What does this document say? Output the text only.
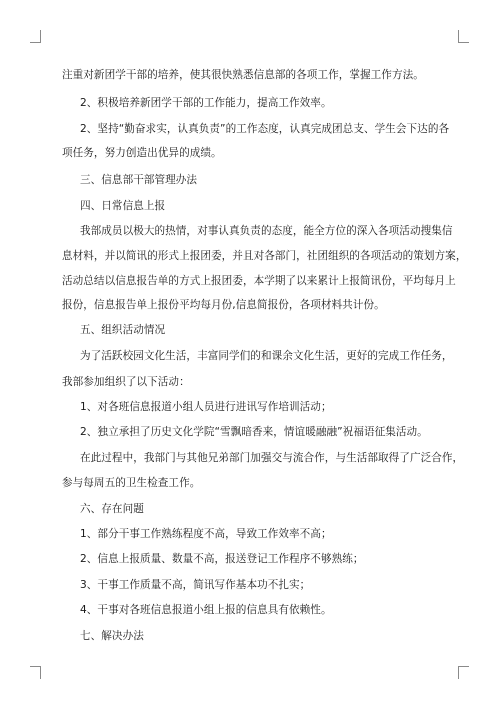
注重对新团学干部的培养，使其很快熟悉信息部的各项工作，掌握工作方法。
2、积极培养新团学干部的工作能力，提高工作效率。
2、坚持“勤奋求实，认真负责”的工作态度，认真完成团总支、学生会下达的各
项任务，努力创造出优异的成绩。
三、信息部干部管理办法
四、日常信息上报
我部成员以极大的热情，对事认真负责的态度，能全方位的深入各项活动搜集信
息材料，并以简讯的形式上报团委，并且对各部门，社团组织的各项活动的策划方案，
活动总结以信息报告单的方式上报团委，本学期了以来累计上报简讯份，平均每月上
报份，信息报告单上报份平均每月份,信息简报份，各项材料共计份。
五、组织活动情况
为了活跃校园文化生活，丰富同学们的和课余文化生活，更好的完成工作任务，
我部参加组织了以下活动：
1、对各班信息报道小组人员进行进讯写作培训活动；
2、独立承担了历史文化学院“雪飘暗香来，情谊暖融融”祝福语征集活动。
在此过程中，我部门与其他兄弟部门加强交与流合作，与生活部取得了广泛合作，
参与每周五的卫生检查工作。
六、存在问题
1、部分干事工作熟练程度不高，导致工作效率不高；
2、信息上报质量、数量不高，报送登记工作程序不够熟练；
3、干事工作质量不高，简讯写作基本功不扎实；
4、干事对各班信息报道小组上报的信息具有依赖性。
七、解决办法
